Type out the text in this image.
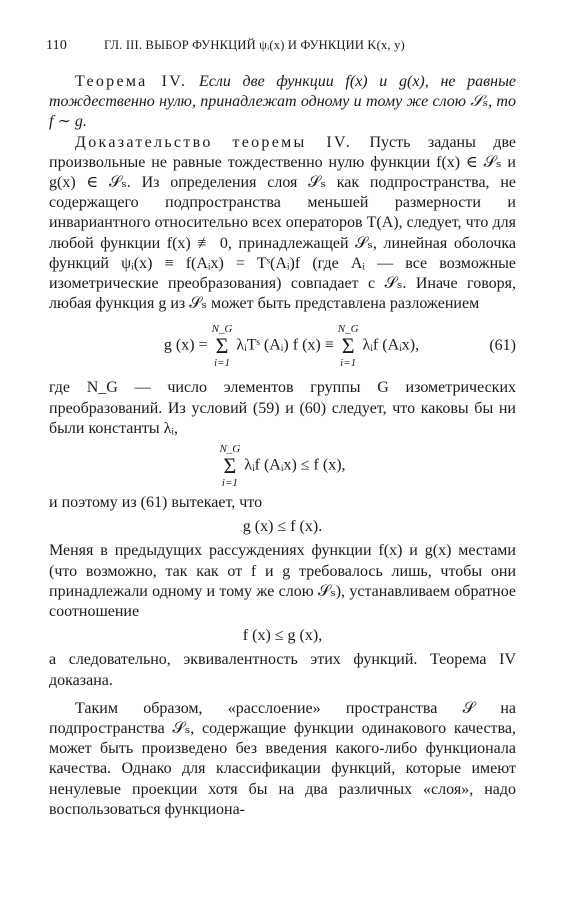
110	ГЛ. III. ВЫБОР ФУНКЦИЙ ψᵢ(x) И ФУНКЦИИ K(x, y)

Теорема IV. Если две функции f(x) и g(x), не равные тождественно нулю, принадлежат одному и тому же слою 𝒮ₛ, то f ∼ g.

Доказательство теоремы IV. Пусть заданы две произвольные не равные тождественно нулю функции f(x) ∈ 𝒮ₛ и g(x) ∈ 𝒮ₛ. Из определения слоя 𝒮ₛ как подпространства, не содержащего подпространства меньшей размерности и инвариантного относительно всех операторов T(A), следует, что для любой функции f(x) ≢ 0, принадлежащей 𝒮ₛ, линейная оболочка функций ψᵢ(x) ≡ f(Aᵢx) = Tˢ(Aᵢ)f (где Aᵢ — все возможные изометрические преобразования) совпадает с 𝒮ₛ. Иначе говоря, любая функция g из 𝒮ₛ может быть представлена разложением

g (x) =
N_G
Σ
i=1
λᵢTˢ (Aᵢ) f (x) ≡
N_G
Σ
i=1
λᵢf (Aᵢx),	(61)

где N_G — число элементов группы G изометрических преобразований. Из условий (59) и (60) следует, что каковы бы ни были константы λᵢ,

N_G
Σ
i=1
λᵢf (Aᵢx) ≤ f (x),

и поэтому из (61) вытекает, что

g (x) ≤ f (x).

Меняя в предыдущих рассуждениях функции f(x) и g(x) местами (что возможно, так как от f и g требовалось лишь, чтобы они принадлежали одному и тому же слою 𝒮ₛ), устанавливаем обратное соотношение

f (x) ≤ g (x),

а следовательно, эквивалентность этих функций. Теорема IV доказана.

Таким образом, «расслоение» пространства 𝒮 на подпространства 𝒮ₛ, содержащие функции одинакового качества, может быть произведено без введения какого-либо функционала качества. Однако для классификации функций, которые имеют ненулевые проекции хотя бы на два различных «слоя», надо воспользоваться функциона-
